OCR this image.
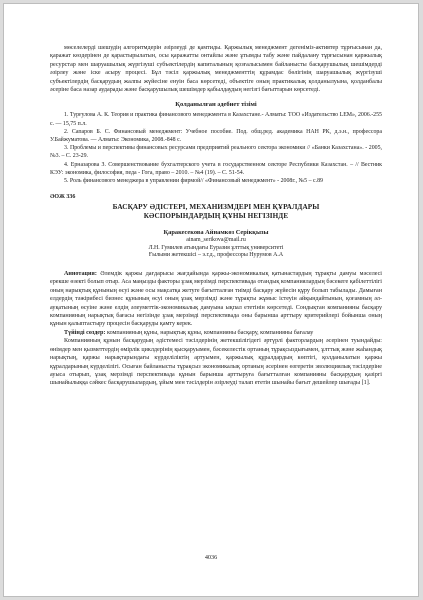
мөселелерді шешудің алгоритмдерін әзірлеуді де қамтиды. Қаржылық менеджмент дегеніміз-активтер тұрғысынан да, қаражат көздерінен де қарастырылатын, осы қаражатты онтайлы және ұтымды табу және пайдалану тұрғысынан қаржылық ресурстар мен шаруашылық жүргізуші субъектілердің капиталының қозғалысымен байланысты басқарушылық шешімдерді әзірлеу және іске асыру процесі. Бұл тәсіл қаржылық менеджменттің құрамдас бөлігінің шаруашылық жүргізуші субъектілердің басқарудың жалпы жүйесіне енуін баса көрсетеді, объектіге оның практикалық қолданылуына, қолданбалы әсеріне баса назар аударады және басқарушылық шешімдер қабылдаудың негізгі бағыттарын көрсетеді.

Қолданылған әдебиет тізімі

1. Турғулова А. К. Теория и практика финансового менеджмента в Казахстане.- Алматы: ТОО «Издательство LEM», 2006.-255 с. — 15,75 п.л.

2. Сапаров Б. С. Финансовый менеджмент: Учебное пособие. Под. общ.ред. академика НАН РК, д.э.н., профессора У.Байжуматова. — Алматы: Экономика, 2008.-848 с.

3. Проблемы и перспективы финансовых ресурсами предприятий реального сектора экономики // «Банки Казахстана». - 2005, №3. – С. 23-29.

4. Ерназарова З. Совершенствование бухгалтерского учета в государственном секторе Республики Казахстан. – // Вестник КЭУ: экономика, философия, педа - Гога, право – 2010. – №4 (19). – С. 51-54.

5. Роль финансового менеджера в управлении фирмой// «Финансовый менеджмент» - 2008г., №5 – с.89

ӘОЖ 336
БАСҚАРУ ӘДІСТЕРІ, МЕХАНИЗМДЕРІ МЕН ҚҰРАЛДАРЫ
КӘСПОРЫНДАРДЫҢ ҚҰНЫ НЕГІЗІНДЕ
Қаракесекова Айнамкөз Серікқызы
ainam_serikova@mail.ru
Л.Н. Гумилев атындағы Еуразия ұлттық университеті
Ғылыми жетекшісі – э.г.д., профессоры Нурумов А.А

Аннотация: Әлемдік қаржы дағдарысы жағдайында қаржы-экономикалық қатынастардың тұрақты дамуы мәселесі ерекше өзекті болып отыр. Аса маңызды факторы ұзақ мерзімді перспективада отандық компаниялардың бәсекеге қабілеттілігі оның нарықтық құнының өсуі және осы мақсатқа жетуге бағытталған тиімді басқару жүйесін құру болып табылады. Дамыған елдердің тәжірибесі бизнес құнының өсуі оның ұзақ мерзімді және тұрақты жұмыс істеуін айқындайтынын, қоғамның әл-ауқатының өсуіне және елдің әлеуметтік-экономикалық дамуына ықпал ететінін көрсетеді. Сондықтан компанияны басқару компанияның нарықтық бағасы негізінде ұзақ мерзімді перспективада оны барынша арттыру критерийлері бойынша оның құнын қалыптастыру процесін басқаруды қамту керек.

Түйінді сөздер: компанияның құны, нарықтық құны, компанияны басқару, компанияны бағалау

Компанияның құнын басқарудың әдістемесі тәсілдерінің жетекшілігідегі әртүрлі факторлардың әсерінен туындайды: өнімдер мен қызметтердің өмірлік циклдерінің қысқаруымен, бәсекелестік ортаның тұрақсыздығымен, ұлттық және жаһандық нарықтың, қаржы нарықтарындағы күрделіліктің артуымен, қаржылық құралдардың көптігі, қолданылатын қаржы құралдарының күрделілігі. Осыған байланысты тұрақсыз экономикалық ортаның әсерінен өзгеретін эволюциялық тәсілдеріне ауыса отырып, ұзақ мерзімді перспективада құнын барынша арттыруға бағытталған компанияны басқарудың қазіргі шынайылыққа сәйкес басқарушылардың, ұйым мен тәсілдерін әзірлеуді талап ететін шынайы бағыт дешейлер шығады [1].

4036
